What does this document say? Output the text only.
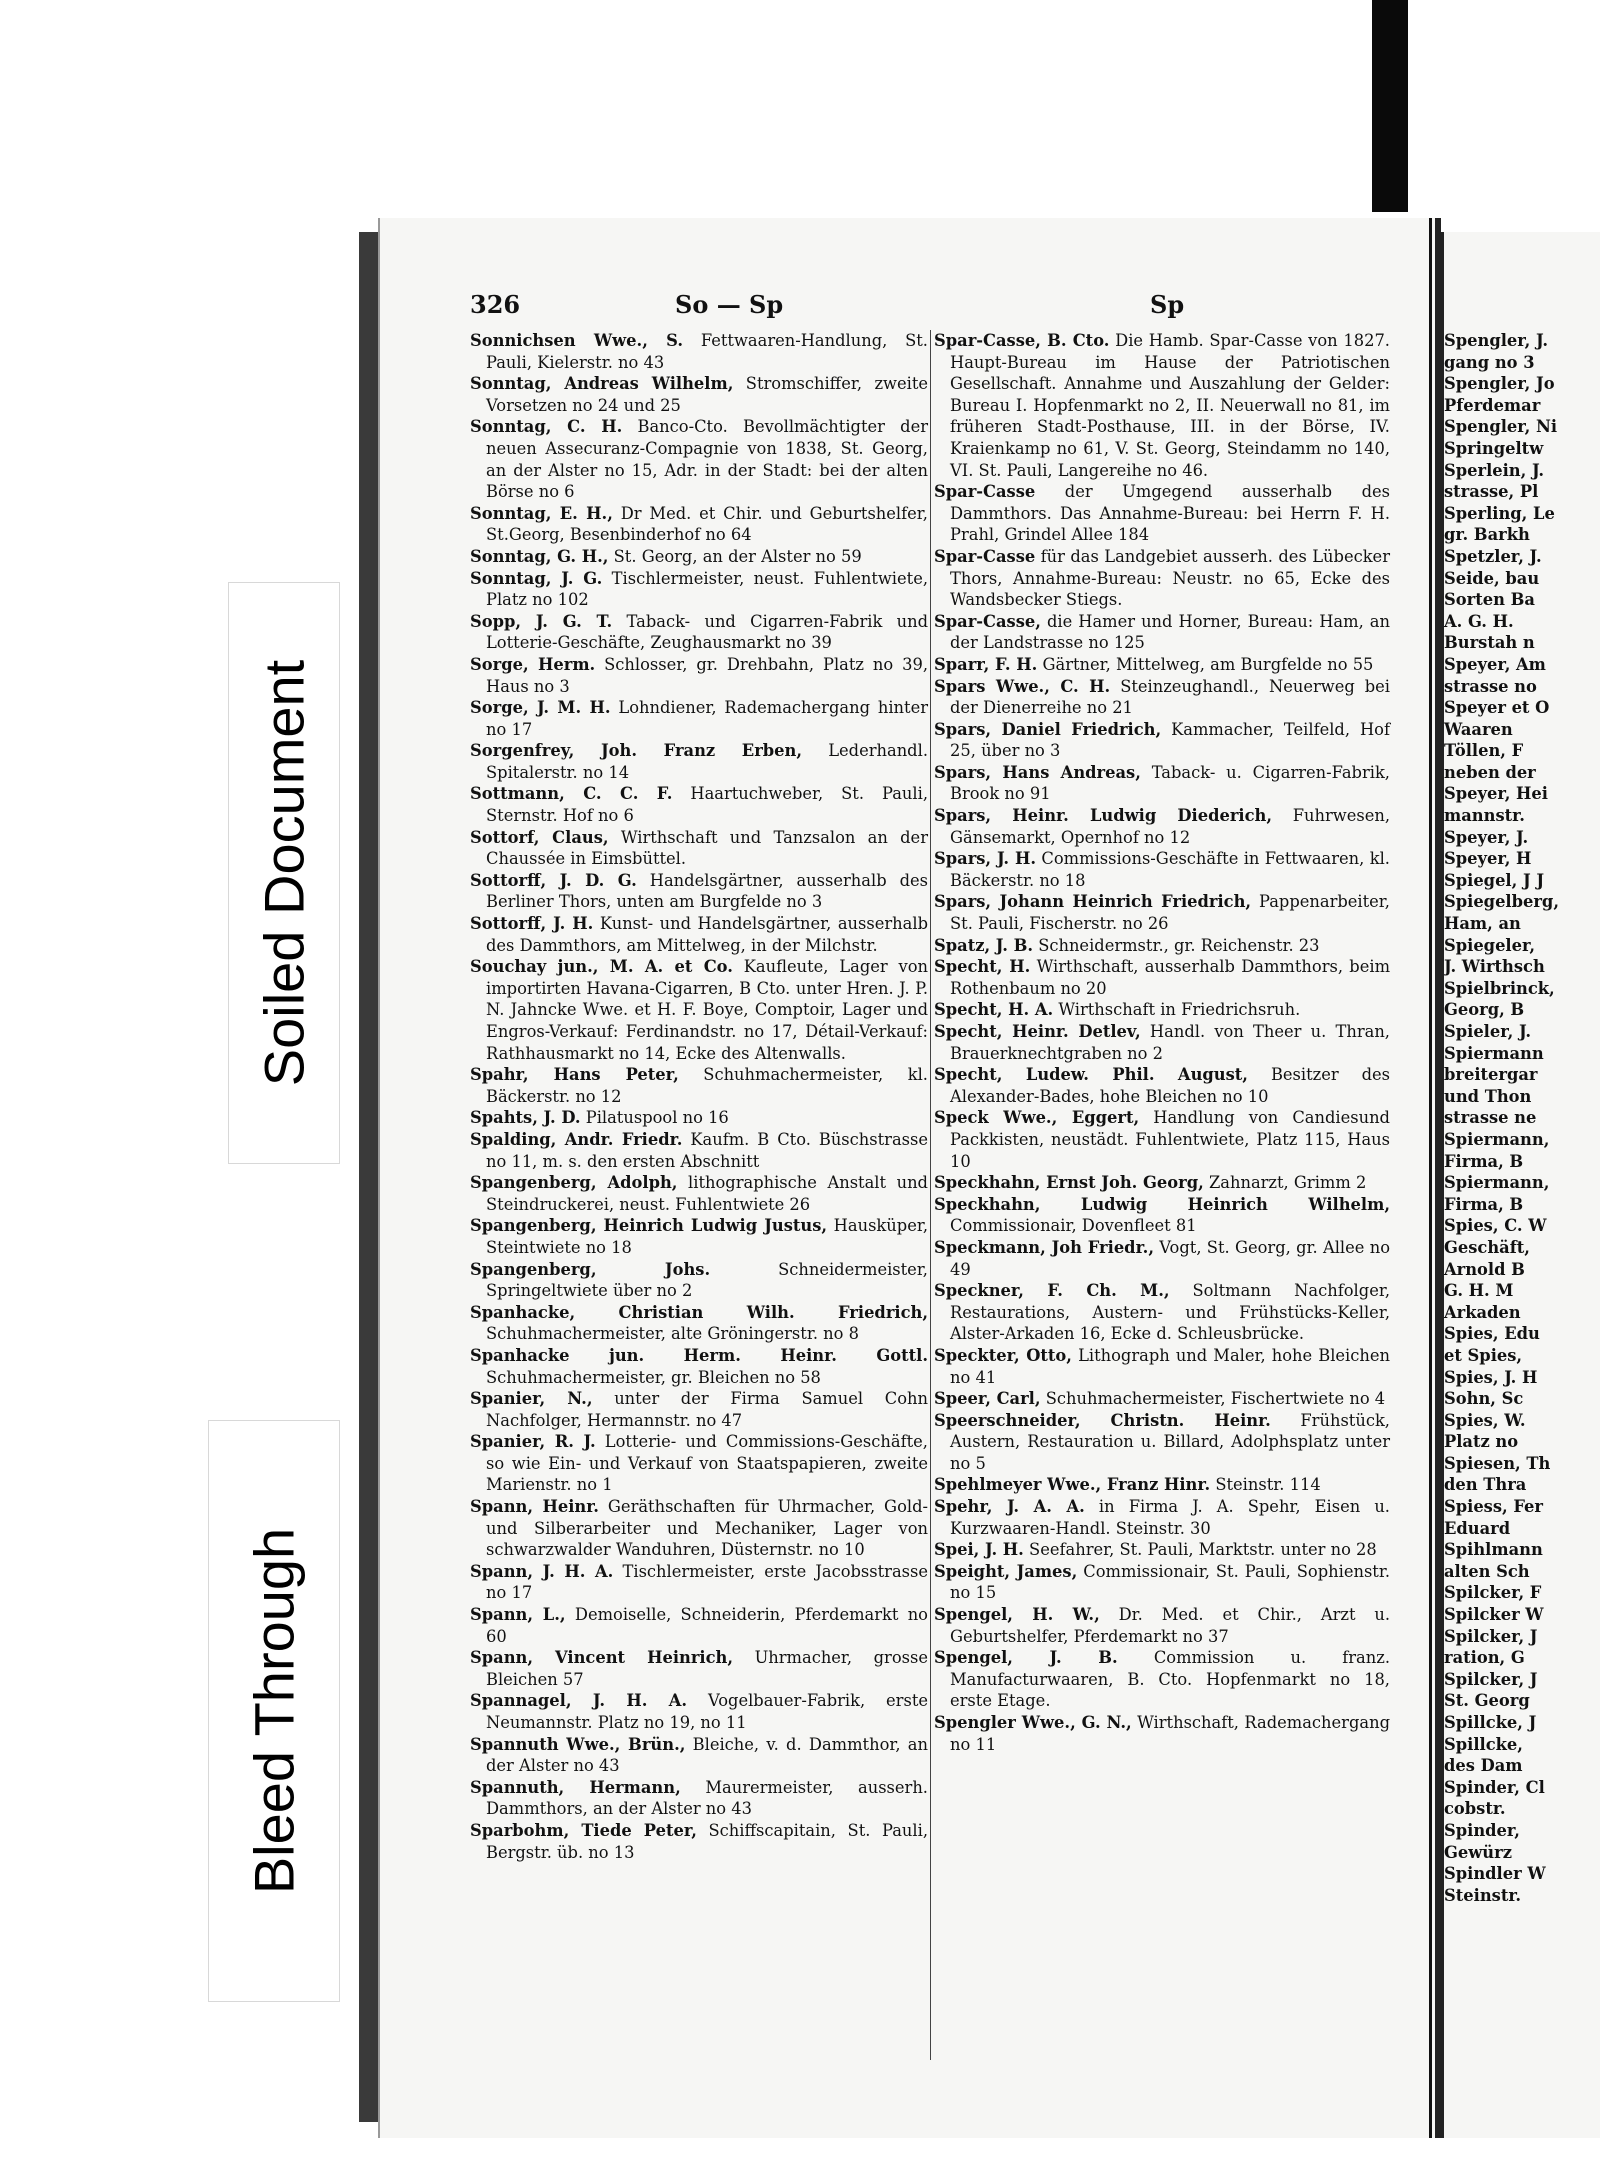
Spengler, J.
gang no 3
Spengler, Jo
Pferdemar
Spengler, Ni
Springeltw
Sperlein, J.
strasse, Pl
Sperling, Le
gr. Barkh
Spetzler, J.
Seide, bau
Sorten Ba
A. G. H.
Burstah n
Speyer, Am
strasse no
Speyer et O
Waaren
Töllen, F
neben der
Speyer, Hei
mannstr.
Speyer, J.
Speyer, H
Spiegel, J J
Spiegelberg,
Ham, an
Spiegeler,
J. Wirthsch
Spielbrinck,
Georg, B
Spieler, J.
Spiermann
breitergar
und Thon
strasse ne
Spiermann,
Firma, B
Spiermann,
Firma, B
Spies, C. W
Geschäft,
Arnold B
G. H. M
Arkaden
Spies, Edu
et Spies,
Spies, J. H
Sohn, Sc
Spies, W.
Platz no
Spiesen, Th
den Thra
Spiess, Fer
Eduard
Spihlmann
alten Sch
Spilcker, F
Spilcker W
Spilcker, J
ration, G
Spilcker, J
St. Georg
Spillcke, J
Spillcke,
des Dam
Spinder, Cl
cobstr.
Spinder,
Gewürz
Spindler W
Steinstr.
Soiled Document
Bleed Through
326	So — Sp	Sp
Sonnichsen Wwe., S. Fettwaaren-Handlung, St. Pauli, Kielerstr. no 43
Sonntag, Andreas Wilhelm, Stromschiffer, zweite Vorsetzen no 24 und 25
Sonntag, C. H. Banco-Cto. Bevollmächtigter der neuen Assecuranz-Compagnie von 1838, St. Georg, an der Alster no 15, Adr. in der Stadt: bei der alten Börse no 6
Sonntag, E. H., Dr Med. et Chir. und Geburtshelfer, St.Georg, Besenbinderhof no 64
Sonntag, G. H., St. Georg, an der Alster no 59
Sonntag, J. G. Tischlermeister, neust. Fuhlentwiete, Platz no 102
Sopp, J. G. T. Taback- und Cigarren-Fabrik und Lotterie-Geschäfte, Zeughausmarkt no 39
Sorge, Herm. Schlosser, gr. Drehbahn, Platz no 39, Haus no 3
Sorge, J. M. H. Lohndiener, Rademachergang hinter no 17
Sorgenfrey, Joh. Franz Erben, Lederhandl. Spitalerstr. no 14
Sottmann, C. C. F. Haartuchweber, St. Pauli, Sternstr. Hof no 6
Sottorf, Claus, Wirthschaft und Tanzsalon an der Chaussée in Eimsbüttel.
Sottorff, J. D. G. Handelsgärtner, ausserhalb des Berliner Thors, unten am Burgfelde no 3
Sottorff, J. H. Kunst- und Handelsgärtner, ausserhalb des Dammthors, am Mittelweg, in der Milchstr.
Souchay jun., M. A. et Co. Kaufleute, Lager von importirten Havana-Cigarren, B Cto. unter Hren. J. P. N. Jahncke Wwe. et H. F. Boye, Comptoir, Lager und Engros-Verkauf: Ferdinandstr. no 17, Détail-Verkauf: Rathhausmarkt no 14, Ecke des Altenwalls.
Spahr, Hans Peter, Schuhmachermeister, kl. Bäckerstr. no 12
Spahts, J. D. Pilatuspool no 16
Spalding, Andr. Friedr. Kaufm. B Cto. Büschstrasse no 11, m. s. den ersten Abschnitt
Spangenberg, Adolph, lithographische Anstalt und Steindruckerei, neust. Fuhlentwiete 26
Spangenberg, Heinrich Ludwig Justus, Hausküper, Steintwiete no 18
Spangenberg, Johs.	Schneidermeister, Springeltwiete über no 2
Spanhacke, Christian Wilh. Friedrich, Schuhmachermeister, alte Gröningerstr. no 8
Spanhacke jun. Herm. Heinr. Gottl. Schuhmachermeister, gr. Bleichen no 58
Spanier, N., unter der Firma Samuel Cohn Nachfolger, Hermannstr. no 47
Spanier, R. J. Lotterie- und Commissions-Geschäfte, so wie Ein- und Verkauf von Staatspapieren, zweite Marienstr. no 1
Spann, Heinr. Geräthschaften für Uhrmacher, Gold- und Silberarbeiter und Mechaniker, Lager von schwarzwalder Wanduhren, Düsternstr. no 10
Spann, J. H. A. Tischlermeister, erste Jacobsstrasse no 17
Spann, L., Demoiselle, Schneiderin, Pferdemarkt no 60
Spann, Vincent Heinrich, Uhrmacher, grosse Bleichen 57
Spannagel, J. H. A. Vogelbauer-Fabrik, erste Neumannstr. Platz no 19, no 11
Spannuth Wwe., Brün., Bleiche, v. d. Dammthor, an der Alster no 43
Spannuth, Hermann, Maurermeister, ausserh. Dammthors, an der Alster no 43
Sparbohm, Tiede Peter, Schiffscapitain, St. Pauli, Bergstr. üb. no 13
Spar-Casse, B. Cto. Die Hamb. Spar-Casse von 1827. Haupt-Bureau im Hause der Patriotischen Gesellschaft. Annahme und Auszahlung der Gelder: Bureau I. Hopfenmarkt no 2, II. Neuerwall no 81, im früheren Stadt-Posthause, III. in der Börse, IV. Kraienkamp no 61, V. St. Georg, Steindamm no 140, VI. St. Pauli, Langereihe no 46.
Spar-Casse der Umgegend ausserhalb des Dammthors. Das Annahme-Bureau: bei Herrn F. H. Prahl, Grindel Allee 184
Spar-Casse für das Landgebiet ausserh. des Lübecker Thors, Annahme-Bureau: Neustr. no 65, Ecke des Wandsbecker Stiegs.
Spar-Casse, die Hamer und Horner, Bureau: Ham, an der Landstrasse no 125
Sparr, F. H. Gärtner, Mittelweg, am Burgfelde no 55
Spars Wwe., C. H. Steinzeughandl., Neuerweg bei der Dienerreihe no 21
Spars, Daniel Friedrich, Kammacher, Teilfeld, Hof 25, über no 3
Spars, Hans Andreas, Taback- u. Cigarren-Fabrik, Brook no 91
Spars, Heinr. Ludwig Diederich, Fuhrwesen, Gänsemarkt, Opernhof no 12
Spars, J. H. Commissions-Geschäfte in Fettwaaren, kl. Bäckerstr. no 18
Spars, Johann Heinrich Friedrich, Pappenarbeiter, St. Pauli, Fischerstr. no 26
Spatz, J. B. Schneidermstr., gr. Reichenstr. 23
Specht, H. Wirthschaft, ausserhalb Dammthors, beim Rothenbaum no 20
Specht, H. A. Wirthschaft in Friedrichsruh.
Specht, Heinr. Detlev, Handl. von Theer u. Thran, Brauerknechtgraben no 2
Specht, Ludew. Phil. August, Besitzer des Alexander-Bades, hohe Bleichen no 10
Speck Wwe., Eggert, Handlung von Candiesund Packkisten, neustädt. Fuhlentwiete, Platz 115, Haus 10
Speckhahn, Ernst Joh. Georg, Zahnarzt, Grimm 2
Speckhahn, Ludwig Heinrich Wilhelm, Commissionair, Dovenfleet 81
Speckmann, Joh Friedr., Vogt, St. Georg, gr. Allee no 49
Speckner, F. Ch. M., Soltmann Nachfolger, Restaurations, Austern- und Frühstücks-Keller, Alster-Arkaden 16, Ecke d. Schleusbrücke.
Speckter, Otto, Lithograph und Maler, hohe Bleichen no 41
Speer, Carl, Schuhmachermeister, Fischertwiete no 4
Speerschneider, Christn. Heinr. Frühstück, Austern, Restauration u. Billard, Adolphsplatz unter no 5
Spehlmeyer Wwe., Franz Hinr. Steinstr. 114
Spehr, J. A. A. in Firma J. A. Spehr, Eisen u. Kurzwaaren-Handl. Steinstr. 30
Spei, J. H. Seefahrer, St. Pauli, Marktstr. unter no 28
Speight, James, Commissionair, St. Pauli, Sophienstr. no 15
Spengel, H. W., Dr. Med. et Chir., Arzt u. Geburtshelfer, Pferdemarkt no 37
Spengel, J. B. Commission u. franz. Manufacturwaaren, B. Cto. Hopfenmarkt no 18, erste Etage.
Spengler Wwe., G. N., Wirthschaft, Rademachergang no 11
